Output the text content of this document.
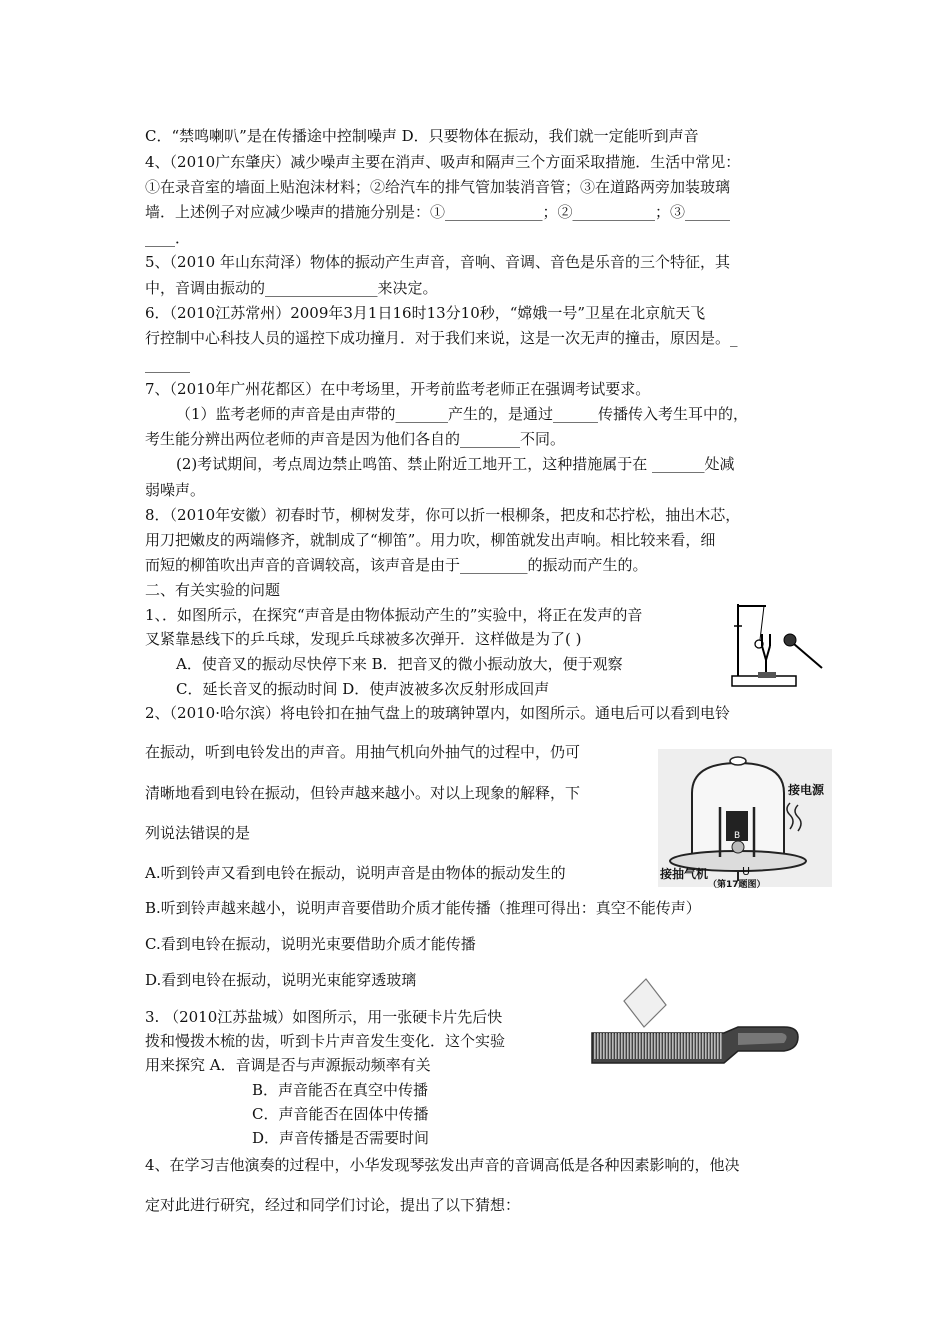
C．“禁鸣喇叭”是在传播途中控制噪声 D．只要物体在振动，我们就一定能听到声音
4、（2010广东肇庆）减少噪声主要在消声、吸声和隔声三个方面采取措施．生活中常见：
①在录音室的墙面上贴泡沫材料；②给汽车的排气管加装消音管；③在道路两旁加装玻璃
墙．上述例子对应减少噪声的措施分别是：①_____________；②___________；③______
____．
5、（2010 年山东菏泽）物体的振动产生声音，音响、音调、音色是乐音的三个特征，其
中，音调由振动的_______________来决定。
6．（2010江苏常州）2009年3月1日16时13分10秒，“嫦娥一号”卫星在北京航天飞
行控制中心科技人员的遥控下成功撞月．对于我们来说，这是一次无声的撞击，原因是。_
______
7、（2010年广州花都区）在中考场里，开考前监考老师正在强调考试要求。
（1）监考老师的声音是由声带的_______产生的，是通过______传播传入考生耳中的，
考生能分辨出两位老师的声音是因为他们各自的________不同。
(2)考试期间，考点周边禁止鸣笛、禁止附近工地开工，这种措施属于在 _______处减
弱噪声。
8．（2010年安徽）初春时节，柳树发芽，你可以折一根柳条，把皮和芯拧松，抽出木芯，
用刀把嫩皮的两端修齐，就制成了“柳笛”。用力吹，柳笛就发出声响。相比较来看，细
而短的柳笛吹出声音的音调较高，该声音是由于_________的振动而产生的。
二、有关实验的问题
1、．如图所示，在探究“声音是由物体振动产生的”实验中，将正在发声的音
叉紧靠悬线下的乒乓球，发现乒乓球被多次弹开．这样做是为了( )
A．使音叉的振动尽快停下来 B．把音叉的微小振动放大，便于观察
C．延长音叉的振动时间 D．使声波被多次反射形成回声
2、（2010·哈尔滨）将电铃扣在抽气盘上的玻璃钟罩内，如图所示。通电后可以看到电铃
在振动，听到电铃发出的声音。用抽气机向外抽气的过程中，仍可
清晰地看到电铃在振动，但铃声越来越小。对以上现象的解释，下
列说法错误的是
A.听到铃声又看到电铃在振动，说明声音是由物体的振动发生的
B.听到铃声越来越小，说明声音要借助介质才能传播（推理可得出：真空不能传声）
C.看到电铃在振动，说明光束要借助介质才能传播
D.看到电铃在振动，说明光束能穿透玻璃
3. （2010江苏盐城）如图所示，用一张硬卡片先后快
拨和慢拨木梳的齿，听到卡片声音发生变化．这个实验
用来探究 A．音调是否与声源振动频率有关
B．声音能否在真空中传播
C．声音能否在固体中传播
D．声音传播是否需要时间
4、在学习吉他演奏的过程中，小华发现琴弦发出声音的音调高低是各种因素影响的，他决
定对此进行研究，经过和同学们讨论，提出了以下猜想：
接电源
接抽气机
B
U
（第17题图）
